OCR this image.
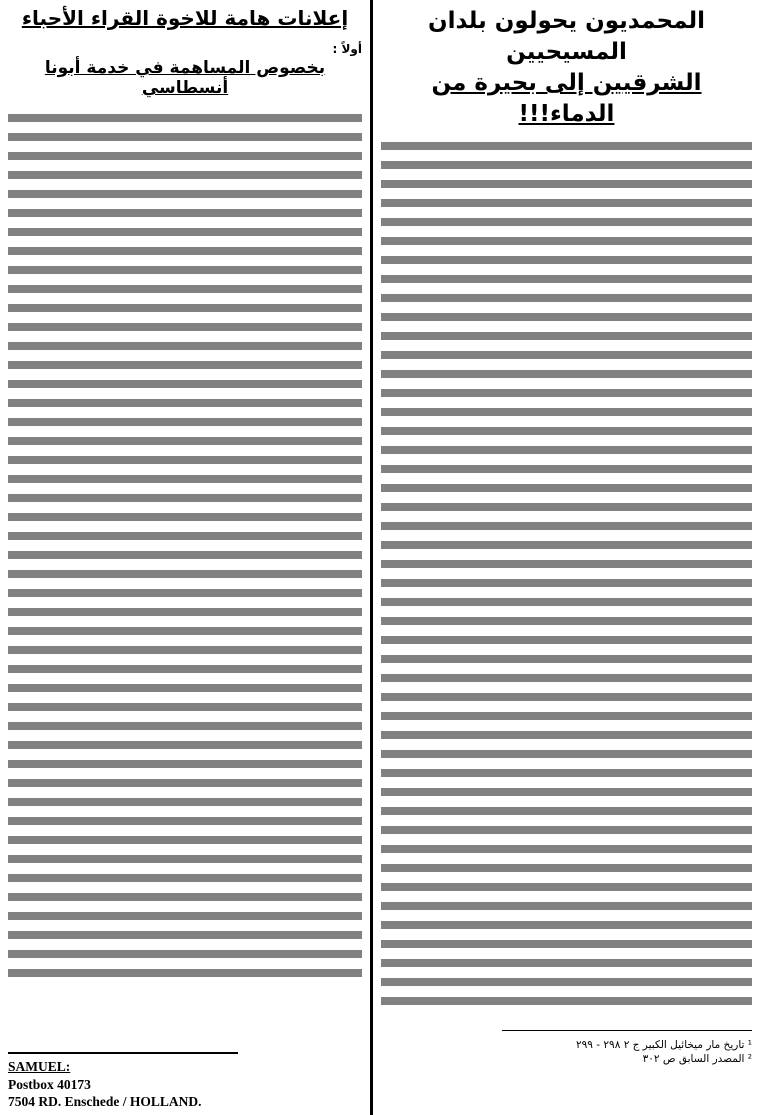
المحمديون يحولون بلدان المسيحيين
الشرقيين إلى بحيرة من الدماء!!!
¹ تاريخ مار ميخائيل الكبير ج ٢ ٢٩٨ - ٢٩٩
² المصدر السابق ص ٣٠٢
إعلانات هامة للاخوة القراء الأحباء
أولاً :
بخصوص المساهمة في خدمة أبونا أنسطاسي
SAMUEL:
Postbox 40173
7504 RD. Enschede / HOLLAND.
